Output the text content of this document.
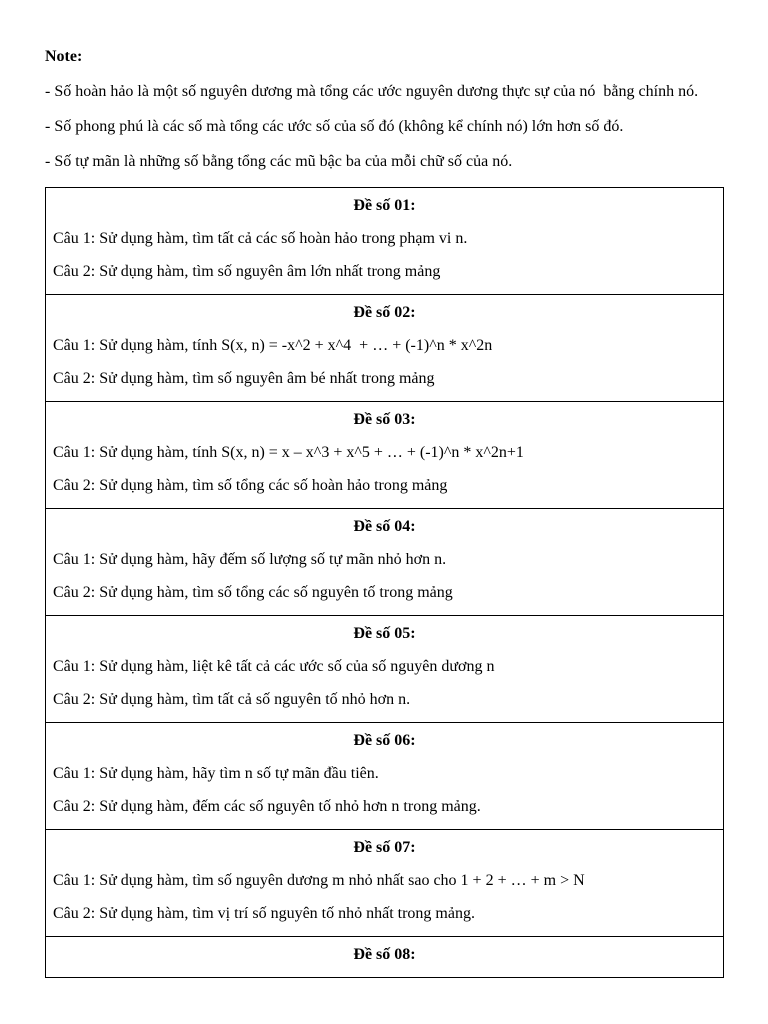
Note:
- Số hoàn hảo là một số nguyên dương mà tổng các ước nguyên dương thực sự của nó  bằng chính nó.
- Số phong phú là các số mà tổng các ước số của số đó (không kể chính nó) lớn hơn số đó.
- Số tự mãn là những số bằng tổng các mũ bậc ba của mỗi chữ số của nó.
Đề số 01:
Câu 1: Sử dụng hàm, tìm tất cả các số hoàn hảo trong phạm vi n.
Câu 2: Sử dụng hàm, tìm số nguyên âm lớn nhất trong mảng

Đề số 02:
Câu 1: Sử dụng hàm, tính S(x, n) = -x^2 + x^4  + … + (-1)^n * x^2n
Câu 2: Sử dụng hàm, tìm số nguyên âm bé nhất trong mảng

Đề số 03:
Câu 1: Sử dụng hàm, tính S(x, n) = x – x^3 + x^5 + … + (-1)^n * x^2n+1
Câu 2: Sử dụng hàm, tìm số tổng các số hoàn hảo trong mảng

Đề số 04:
Câu 1: Sử dụng hàm, hãy đếm số lượng số tự mãn nhỏ hơn n.
Câu 2: Sử dụng hàm, tìm số tổng các số nguyên tố trong mảng

Đề số 05:
Câu 1: Sử dụng hàm, liệt kê tất cả các ước số của số nguyên dương n
Câu 2: Sử dụng hàm, tìm tất cả số nguyên tố nhỏ hơn n.

Đề số 06:
Câu 1: Sử dụng hàm, hãy tìm n số tự mãn đầu tiên.
Câu 2: Sử dụng hàm, đếm các số nguyên tố nhỏ hơn n trong mảng.

Đề số 07:
Câu 1: Sử dụng hàm, tìm số nguyên dương m nhỏ nhất sao cho 1 + 2 + … + m > N
Câu 2: Sử dụng hàm, tìm vị trí số nguyên tố nhỏ nhất trong mảng.

Đề số 08:
